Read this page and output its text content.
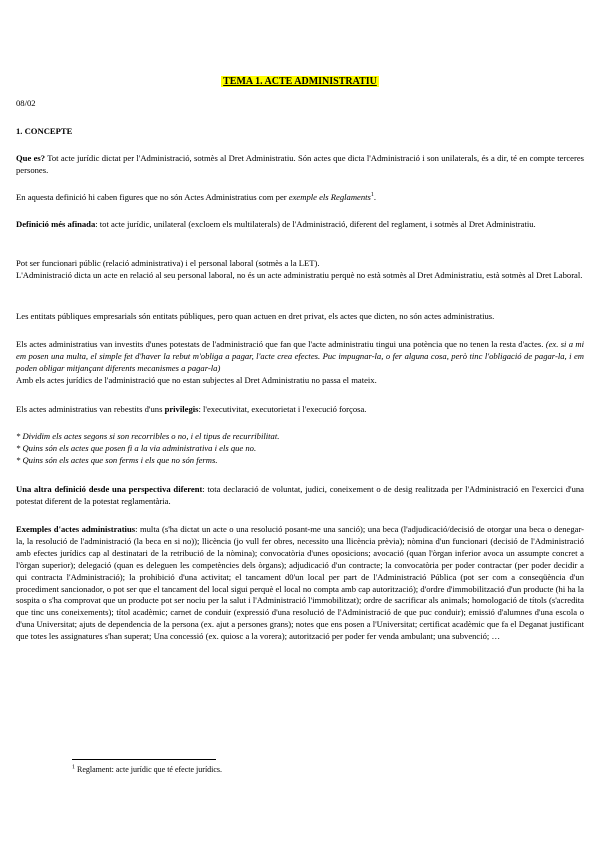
TEMA 1. ACTE ADMINISTRATIU
08/02
1. CONCEPTE
Que es? Tot acte jurídic dictat per l'Administració, sotmès al Dret Administratiu. Són actes que dicta l'Administració i son unilaterals, és a dir, té en compte terceres persones.
En aquesta definició hi caben figures que no són Actes Administratius com per exemple els Reglaments$^1$.
Definició més afinada: tot acte jurídic, unilateral (excloem els multilaterals) de l'Administració, diferent del reglament, i sotmès al Dret Administratiu.
Pot ser funcionari públic (relació administrativa) i el personal laboral (sotmès a la LET).
L'Administració dicta un acte en relació al seu personal laboral, no és un acte administratiu perquè no està sotmès al Dret Administratiu, està sotmès al Dret Laboral.
Les entitats públiques empresarials són entitats públiques, pero quan actuen en dret privat, els actes que dicten, no són actes administratius.
Els actes administratius van investits d'unes potestats de l'administració que fan que l'acte administratiu tingui una potència que no tenen la resta d'actes. (ex. si a mi em posen una multa, el simple fet d'haver la rebut m'obliga a pagar, l'acte crea efectes. Puc impugnar-la, o fer alguna cosa, però tinc l'obligació de pagar-la, i em poden obligar mitjançant diferents mecanismes a pagar-la)
Amb els actes jurídics de l'administració que no estan subjectes al Dret Administratiu no passa el mateix.
Els actes administratius van rebestits d'uns privilegis: l'executivitat, executorietat i l'execució forçosa.
* Dividim els actes segons si son recorribles o no, i el tipus de recurribilitat.
* Quins són els actes que posen fi a la via administrativa i els que no.
* Quins són els actes que son ferms i els que no són ferms.
Una altra definició desde una perspectiva diferent: tota declaració de voluntat, judici, coneixement o de desig realitzada per l'Administració en l'exercici d'una potestat diferent de la potestat reglamentària.
Exemples d'actes administratius: multa (s'ha dictat un acte o una resolució posant-me una sanció); una beca (l'adjudicació/decisió de otorgar una beca o denegar-la, la resolució de l'administració (la beca en si no)); llicència (jo vull fer obres, necessito una llicència prèvia); nòmina d'un funcionari (decisió de l'Administració amb efectes jurídics cap al destinatari de la retribució de la nòmina); convocatòria d'unes oposicions; avocació (quan l'òrgan inferior avoca un assumpte concret a l'òrgan superior); delegació (quan es deleguen les competències dels òrgans); adjudicació d'un contracte; la convocatòria per poder contractar (per poder decidir a qui contracta l'Administració); la prohibició d'una activitat; el tancament d0'un local per part de l'Administració Pública (pot ser com a conseqüència d'un procediment sancionador, o pot ser que el tancament del local sigui perquè el local no compta amb cap autorització); d'ordre d'immobilització d'un producte (hi ha la sospita o s'ha comprovat que un producte pot ser nociu per la salut i l'Administració l'immobilitzat); ordre de sacrificar als animals; homologació de títols (s'acredita que tinc uns coneixements); títol acadèmic; carnet de conduir (expressió d'una resolució de l'Administració de que puc conduir); emissió d'alumnes d'una escola o d'una Universitat; ajuts de dependencia de la persona (ex. ajut a persones grans); notes que ens posen a l'Universitat; certificat acadèmic que fa el Deganat justificant que totes les assignatures s'han superat; Una concessió (ex. quiosc a la vorera); autorització per poder fer venda ambulant; una subvenció; …
$^1$ Reglament: acte jurídic que té efecte jurídics.
